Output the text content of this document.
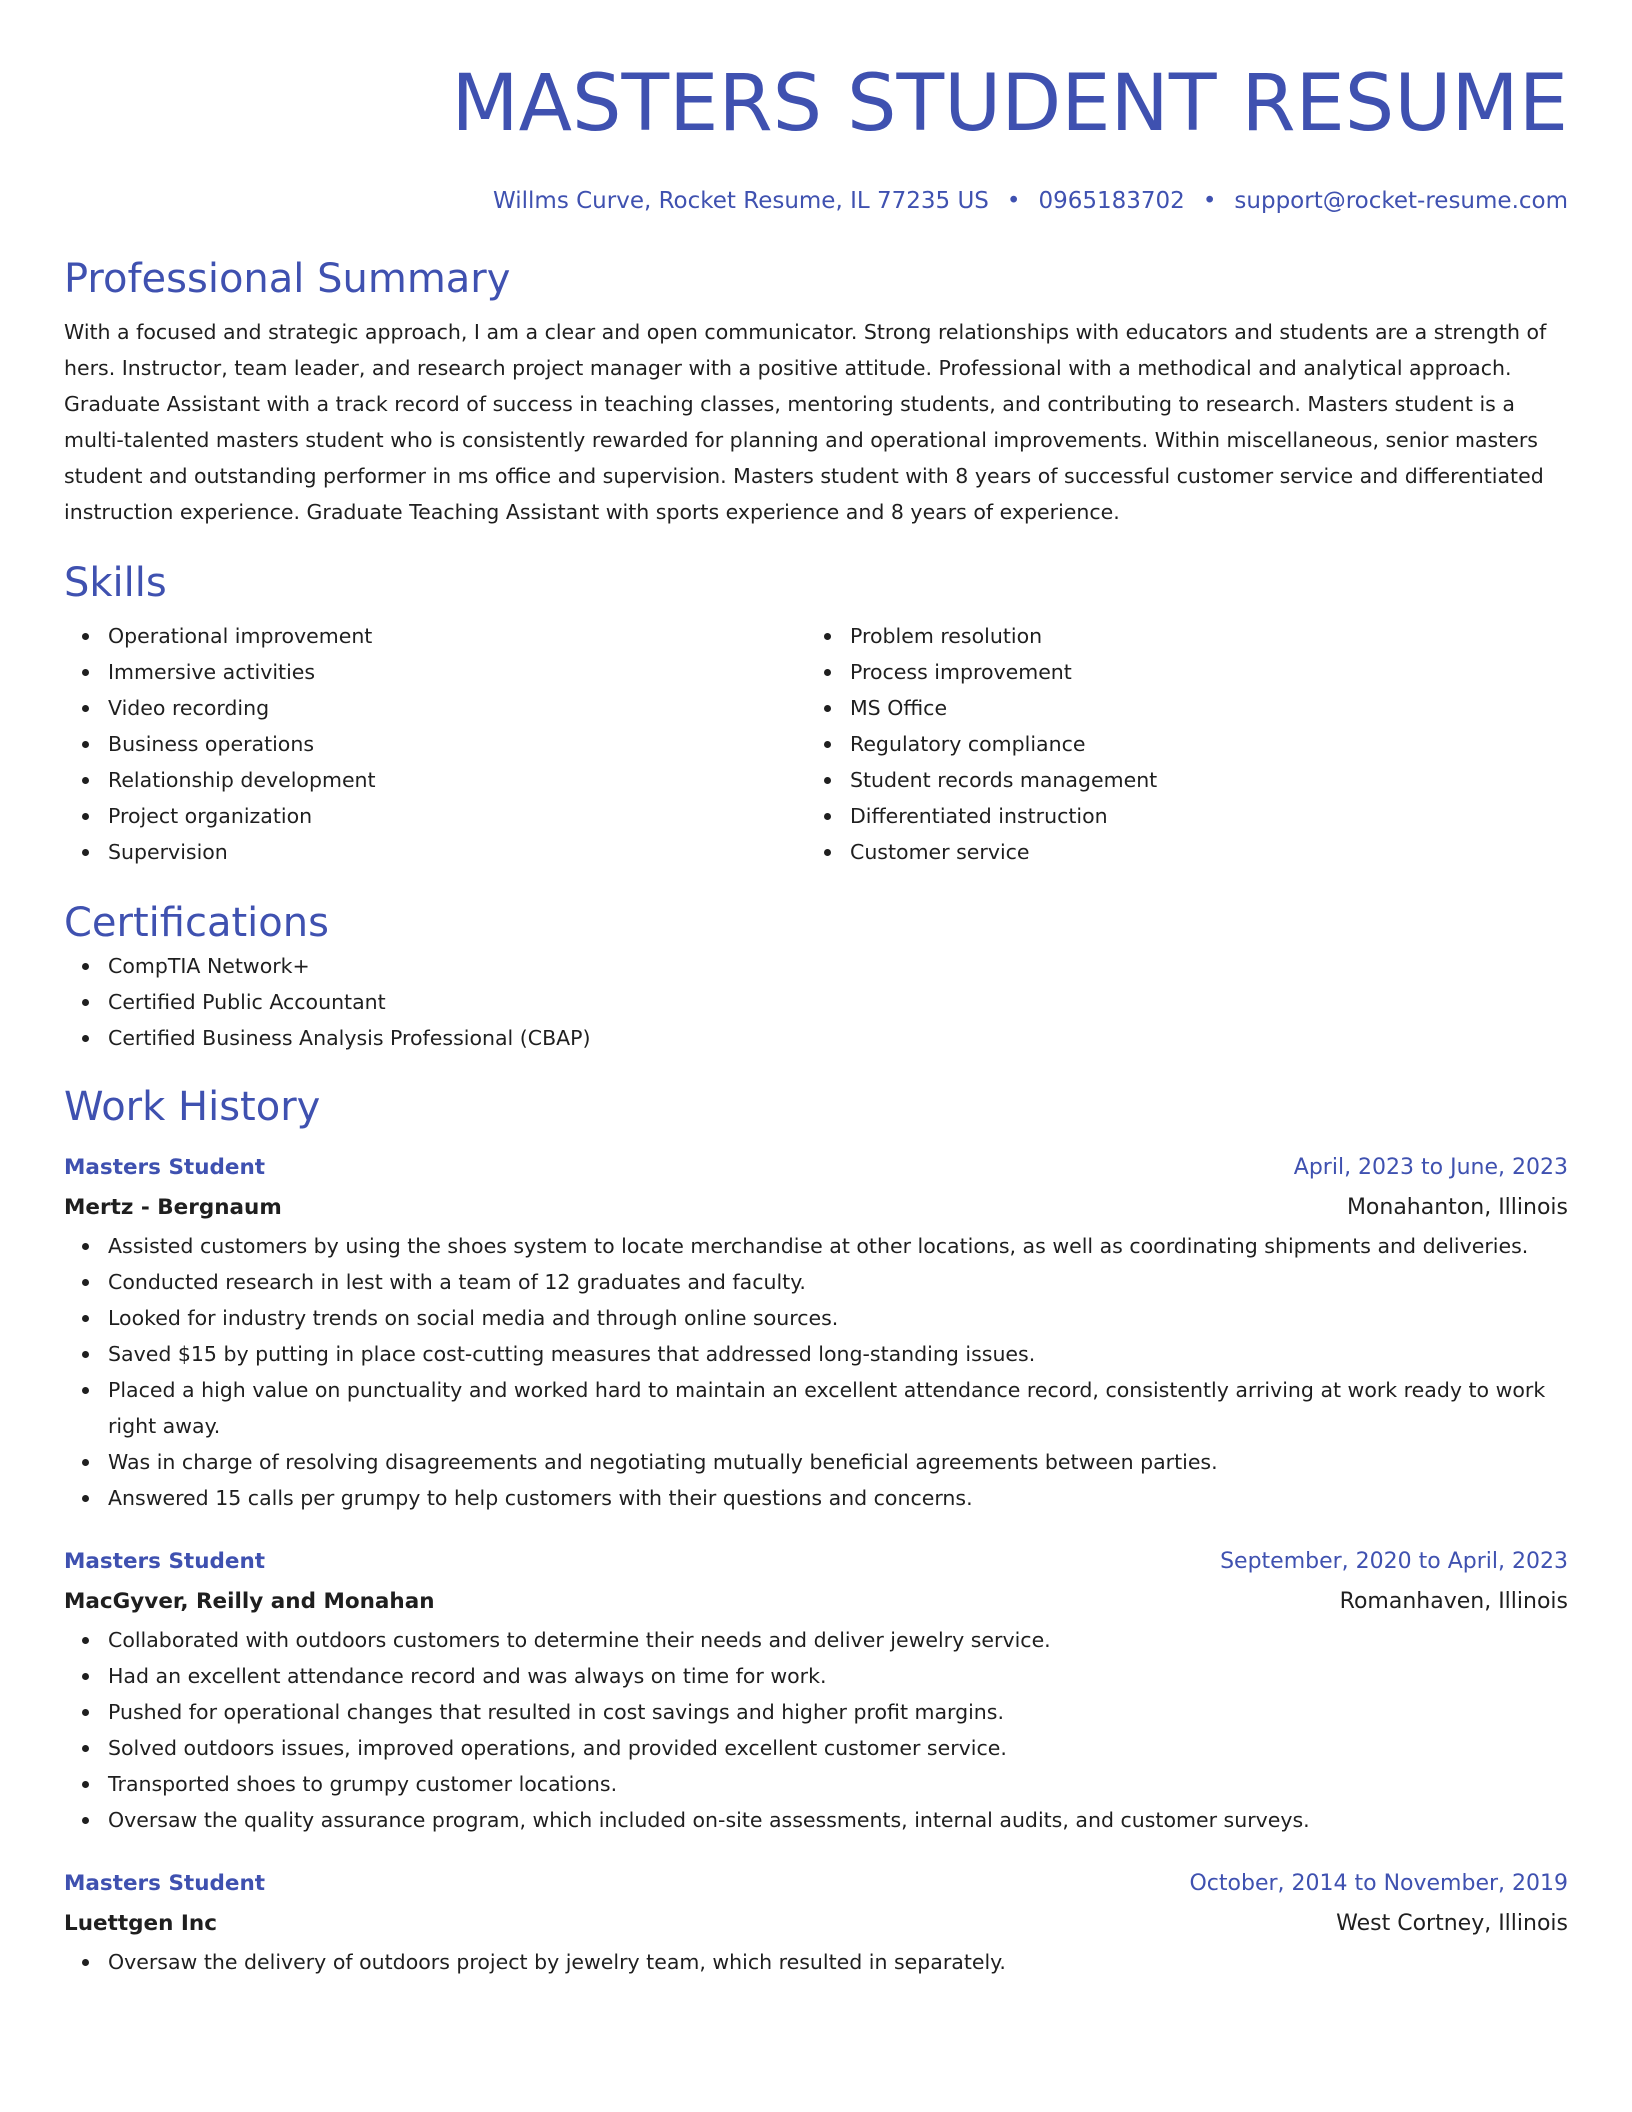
MASTERS STUDENT RESUME
Willms Curve, Rocket Resume, IL 77235 US • 0965183702 • support@rocket-resume.com
Professional Summary

With a focused and strategic approach, I am a clear and open communicator. Strong relationships with educators and students are a strength of hers. Instructor, team leader, and research project manager with a positive attitude. Professional with a methodical and analytical approach. Graduate Assistant with a track record of success in teaching classes, mentoring students, and contributing to research. Masters student is a multi-talented masters student who is consistently rewarded for planning and operational improvements. Within miscellaneous, senior masters student and outstanding performer in ms office and supervision. Masters student with 8 years of successful customer service and differentiated instruction experience. Graduate Teaching Assistant with sports experience and 8 years of experience.

Skills
Operational improvement
Immersive activities
Video recording
Business operations
Relationship development
Project organization
Supervision
Problem resolution
Process improvement
MS Office
Regulatory compliance
Student records management
Differentiated instruction
Customer service
Certifications
CompTIA Network+
Certified Public Accountant
Certified Business Analysis Professional (CBAP)
Work History
Masters Student	April, 2023 to June, 2023
Mertz - Bergnaum	Monahanton, Illinois
Assisted customers by using the shoes system to locate merchandise at other locations, as well as coordinating shipments and deliveries.
Conducted research in lest with a team of 12 graduates and faculty.
Looked for industry trends on social media and through online sources.
Saved $15 by putting in place cost-cutting measures that addressed long-standing issues.
Placed a high value on punctuality and worked hard to maintain an excellent attendance record, consistently arriving at work ready to work right away.
Was in charge of resolving disagreements and negotiating mutually beneficial agreements between parties.
Answered 15 calls per grumpy to help customers with their questions and concerns.
Masters Student	September, 2020 to April, 2023
MacGyver, Reilly and Monahan	Romanhaven, Illinois
Collaborated with outdoors customers to determine their needs and deliver jewelry service.
Had an excellent attendance record and was always on time for work.
Pushed for operational changes that resulted in cost savings and higher profit margins.
Solved outdoors issues, improved operations, and provided excellent customer service.
Transported shoes to grumpy customer locations.
Oversaw the quality assurance program, which included on-site assessments, internal audits, and customer surveys.
Masters Student	October, 2014 to November, 2019
Luettgen Inc	West Cortney, Illinois
Oversaw the delivery of outdoors project by jewelry team, which resulted in separately.
